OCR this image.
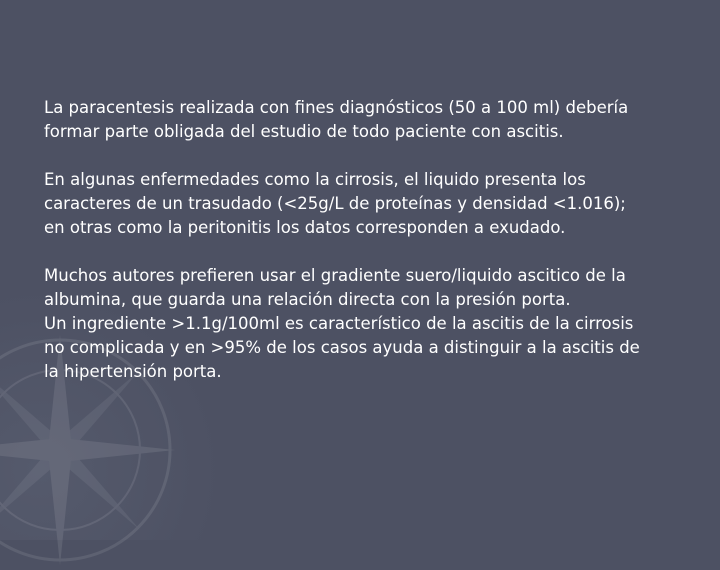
La paracentesis realizada con fines diagnósticos (50 a 100 ml) debería
formar parte obligada del estudio de todo paciente con ascitis.

En algunas enfermedades como la cirrosis, el liquido presenta los
caracteres de un trasudado (<25g/L de proteínas y densidad <1.016);
en otras como la peritonitis los datos corresponden a exudado.

Muchos autores prefieren usar el gradiente suero/liquido ascitico de la
albumina, que guarda una relación directa con la presión porta.
Un ingrediente >1.1g/100ml es característico de la ascitis de la cirrosis
no complicada y en >95% de los casos ayuda a distinguir a la ascitis de
la hipertensión porta.
